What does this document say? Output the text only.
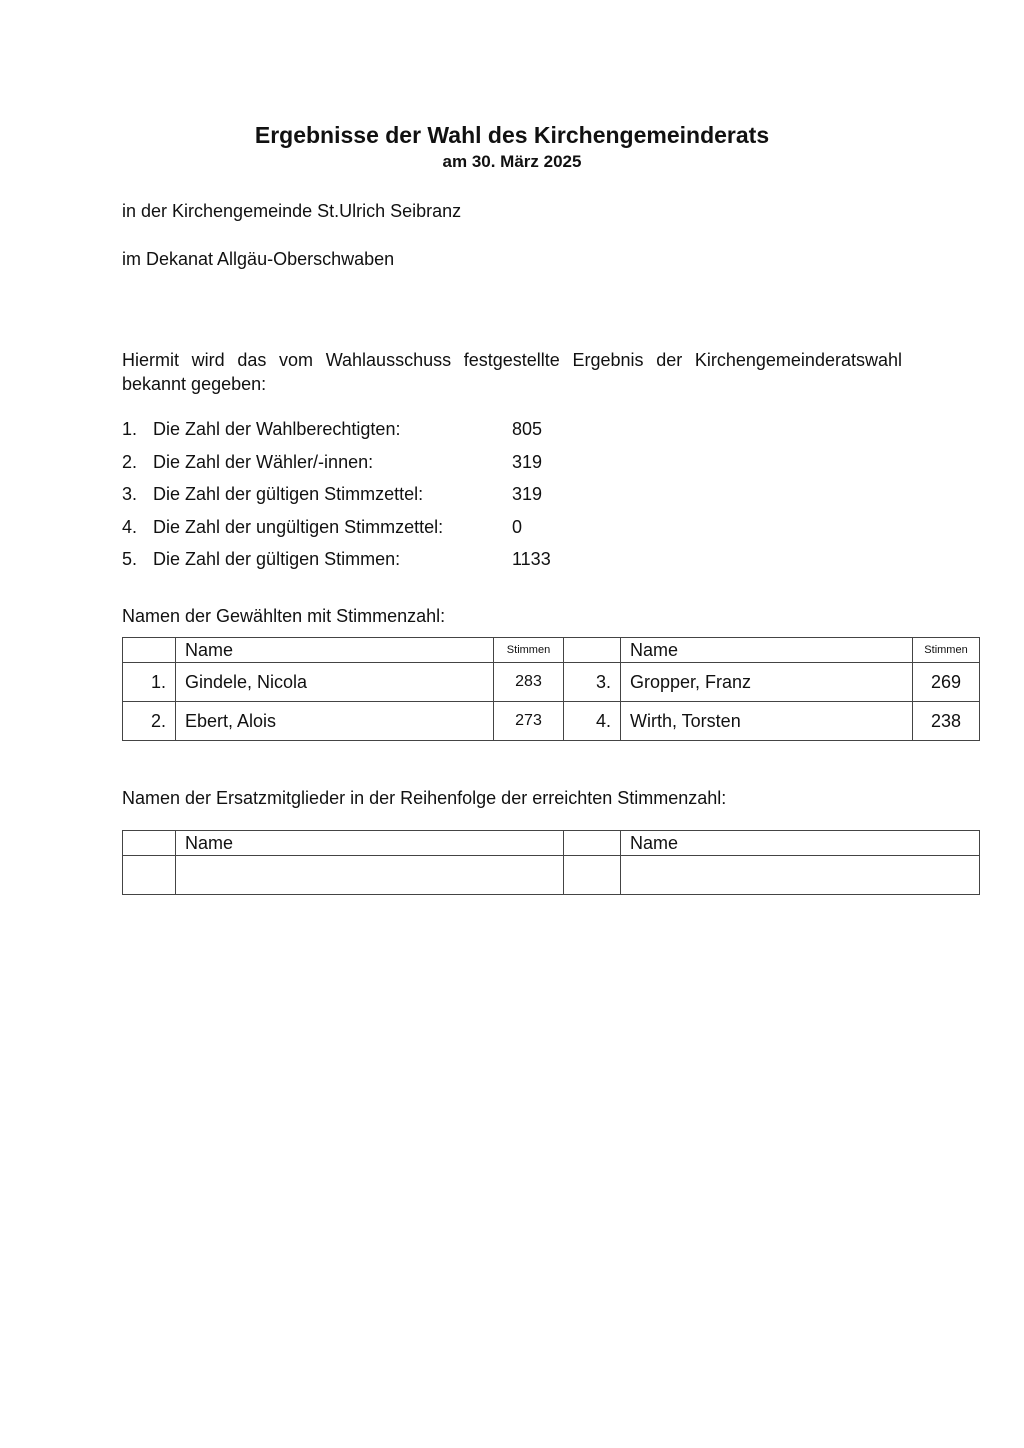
Ergebnisse der Wahl des Kirchengemeinderats
am 30. März 2025
in der Kirchengemeinde St.Ulrich Seibranz
im Dekanat Allgäu-Oberschwaben
Hiermit wird das vom Wahlausschuss festgestellte Ergebnis der Kirchengemeinderatswahl bekannt gegeben:
1. Die Zahl der Wahlberechtigten:	805
2. Die Zahl der Wähler/-innen:	319
3. Die Zahl der gültigen Stimmzettel:	319
4. Die Zahl der ungültigen Stimmzettel:	0
5. Die Zahl der gültigen Stimmen:	1133
Namen der Gewählten mit Stimmenzahl:
	Name	Stimmen		Name	Stimmen
1.	Gindele, Nicola	283	3.	Gropper, Franz	269
2.	Ebert, Alois	273	4.	Wirth, Torsten	238
Namen der Ersatzmitglieder in der Reihenfolge der erreichten Stimmenzahl:
	Name		Name
